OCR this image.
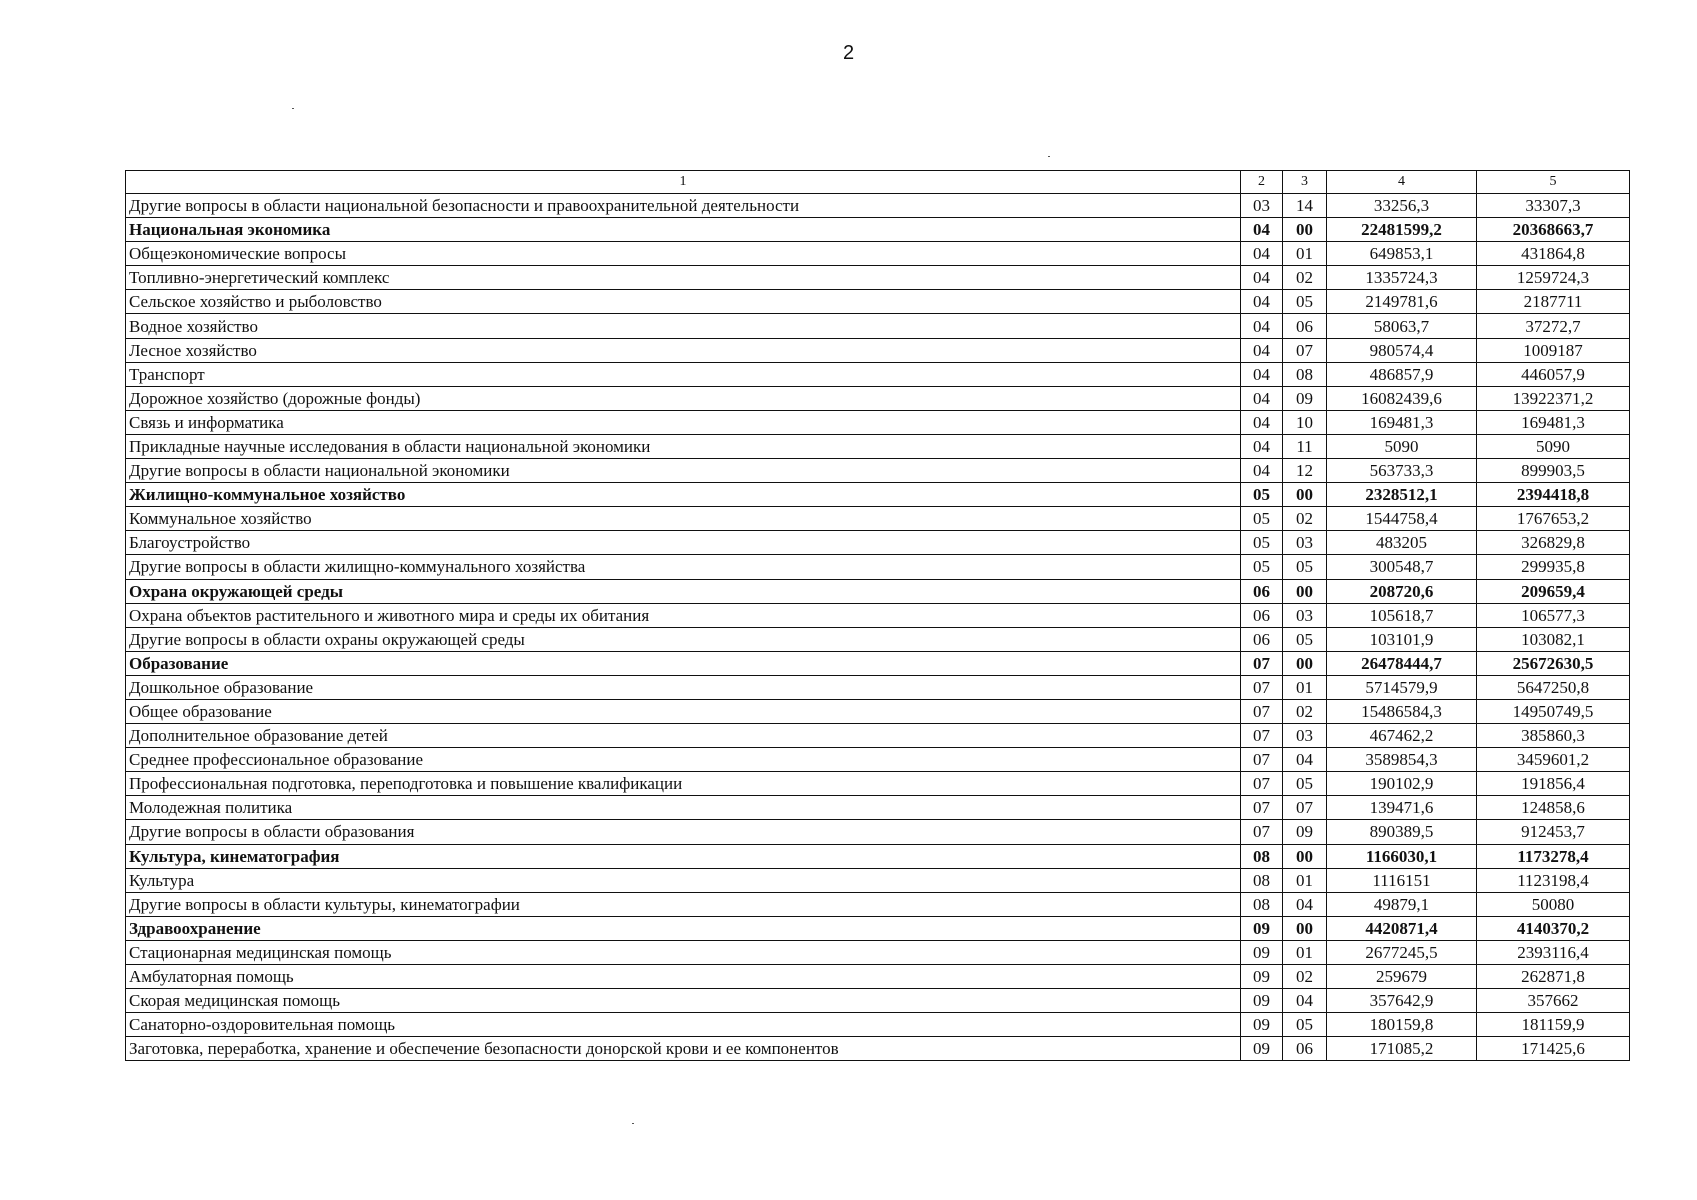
2
1	2	3	4	5
Другие вопросы в области национальной безопасности и правоохранительной деятельности	03	14	33256,3	33307,3
Национальная экономика	04	00	22481599,2	20368663,7
Общеэкономические вопросы	04	01	649853,1	431864,8
Топливно-энергетический комплекс	04	02	1335724,3	1259724,3
Сельское хозяйство и рыболовство	04	05	2149781,6	2187711
Водное хозяйство	04	06	58063,7	37272,7
Лесное хозяйство	04	07	980574,4	1009187
Транспорт	04	08	486857,9	446057,9
Дорожное хозяйство (дорожные фонды)	04	09	16082439,6	13922371,2
Связь и информатика	04	10	169481,3	169481,3
Прикладные научные исследования в области национальной экономики	04	11	5090	5090
Другие вопросы в области национальной экономики	04	12	563733,3	899903,5
Жилищно-коммунальное хозяйство	05	00	2328512,1	2394418,8
Коммунальное хозяйство	05	02	1544758,4	1767653,2
Благоустройство	05	03	483205	326829,8
Другие вопросы в области жилищно-коммунального хозяйства	05	05	300548,7	299935,8
Охрана окружающей среды	06	00	208720,6	209659,4
Охрана объектов растительного и животного мира и среды их обитания	06	03	105618,7	106577,3
Другие вопросы в области охраны окружающей среды	06	05	103101,9	103082,1
Образование	07	00	26478444,7	25672630,5
Дошкольное образование	07	01	5714579,9	5647250,8
Общее образование	07	02	15486584,3	14950749,5
Дополнительное образование детей	07	03	467462,2	385860,3
Среднее профессиональное образование	07	04	3589854,3	3459601,2
Профессиональная подготовка, переподготовка и повышение квалификации	07	05	190102,9	191856,4
Молодежная политика	07	07	139471,6	124858,6
Другие вопросы в области образования	07	09	890389,5	912453,7
Культура, кинематография	08	00	1166030,1	1173278,4
Культура	08	01	1116151	1123198,4
Другие вопросы в области культуры, кинематографии	08	04	49879,1	50080
Здравоохранение	09	00	4420871,4	4140370,2
Стационарная медицинская помощь	09	01	2677245,5	2393116,4
Амбулаторная помощь	09	02	259679	262871,8
Скорая медицинская помощь	09	04	357642,9	357662
Санаторно-оздоровительная помощь	09	05	180159,8	181159,9
Заготовка, переработка, хранение и обеспечение безопасности донорской крови и ее компонентов	09	06	171085,2	171425,6
